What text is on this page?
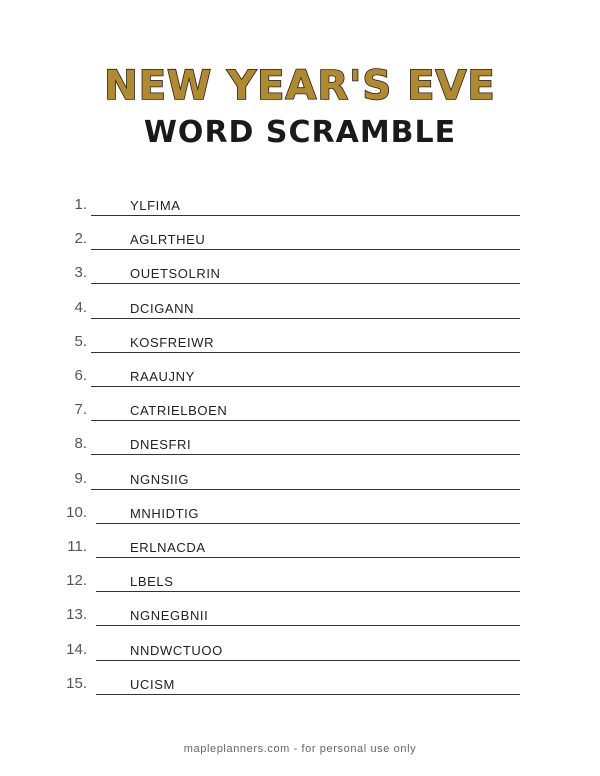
NEW YEAR'S EVE
WORD SCRAMBLE
1.	YLFIMA
2.	AGLRTHEU
3.	OUETSOLRIN
4.	DCIGANN
5.	KOSFREIWR
6.	RAAUJNY
7.	CATRIELBOEN
8.	DNESFRI
9.	NGNSIIG
10.	MNHIDTIG
11.	ERLNACDA
12.	LBELS
13.	NGNEGBNII
14.	NNDWCTUOO
15.	UCISM
mapleplanners.com - for personal use only
